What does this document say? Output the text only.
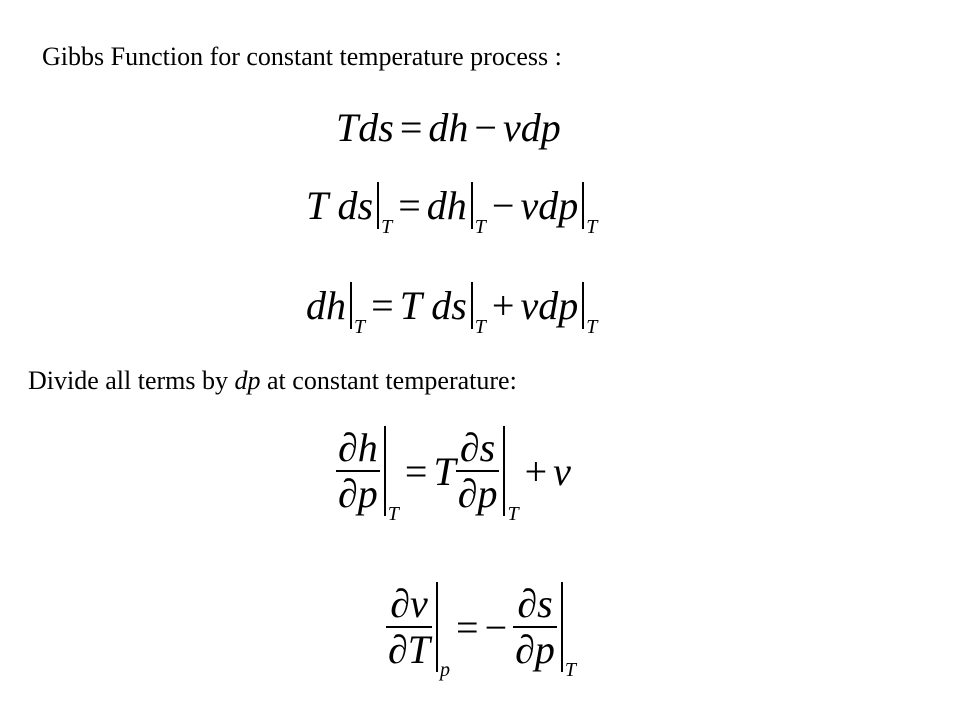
Gibbs Function for constant temperature process :
Tds = dh − vdp
T ds T = dh T − vdp T
dh T = T ds T + vdp T
Divide all terms by dp at constant temperature:
$\frac{\partial h}{\partial p}$ T
= T $\frac{\partial s}{\partial p}$ T
+ v
$\frac{\partial v}{\partial T}$ p
= − $\frac{\partial s}{\partial p}$ T
